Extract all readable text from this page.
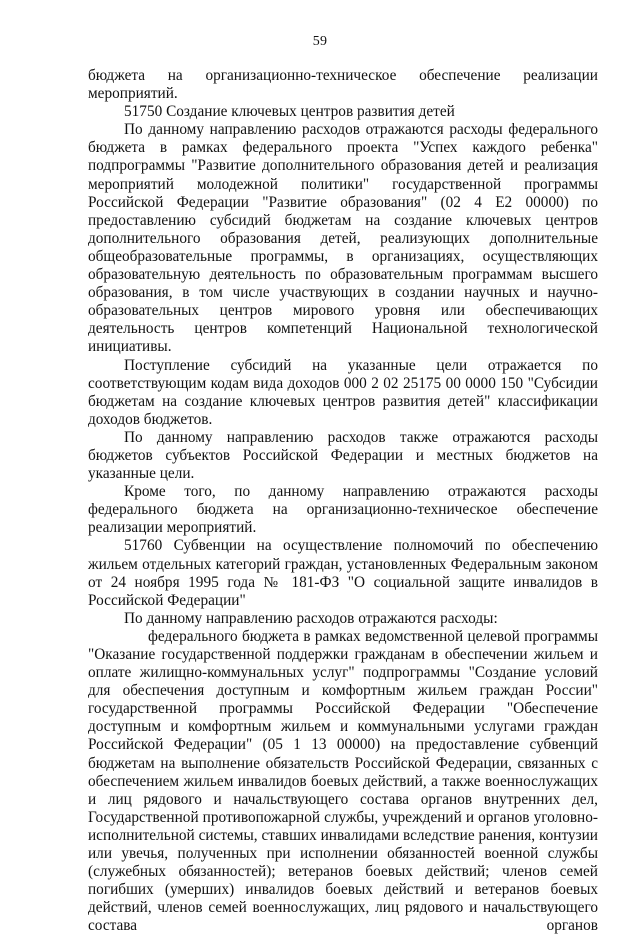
59

бюджета на организационно-техническое обеспечение реализации мероприятий.

51750 Создание ключевых центров развития детей

По данному направлению расходов отражаются расходы федерального бюджета в рамках федерального проекта "Успех каждого ребенка" подпрограммы "Развитие дополнительного образования детей и реализация мероприятий молодежной политики" государственной программы Российской Федерации "Развитие образования" (02 4 E2 00000) по предоставлению субсидий бюджетам на создание ключевых центров дополнительного образования детей, реализующих дополнительные общеобразовательные программы, в организациях, осуществляющих образовательную деятельность по образовательным программам высшего образования, в том числе участвующих в создании научных и научно-образовательных центров мирового уровня или обеспечивающих деятельность центров компетенций Национальной технологической инициативы.

Поступление субсидий на указанные цели отражается по соответствующим кодам вида доходов 000 2 02 25175 00 0000 150 "Субсидии бюджетам на создание ключевых центров развития детей" классификации доходов бюджетов.

По данному направлению расходов также отражаются расходы бюджетов субъектов Российской Федерации и местных бюджетов на указанные цели.

Кроме того, по данному направлению отражаются расходы федерального бюджета на организационно-техническое обеспечение реализации мероприятий.

51760 Субвенции на осуществление полномочий по обеспечению жильем отдельных категорий граждан, установленных Федеральным законом от 24 ноября 1995 года № 181-ФЗ "О социальной защите инвалидов в Российской Федерации"

По данному направлению расходов отражаются расходы:

федерального бюджета в рамках ведомственной целевой программы "Оказание государственной поддержки гражданам в обеспечении жильем и оплате жилищно-коммунальных услуг" подпрограммы "Создание условий для обеспечения доступным и комфортным жильем граждан России" государственной программы Российской Федерации "Обеспечение доступным и комфортным жильем и коммунальными услугами граждан Российской Федерации" (05 1 13 00000) на предоставление субвенций бюджетам на выполнение обязательств Российской Федерации, связанных с обеспечением жильем инвалидов боевых действий, а также военнослужащих и лиц рядового и начальствующего состава органов внутренних дел, Государственной противопожарной службы, учреждений и органов уголовно-исполнительной системы, ставших инвалидами вследствие ранения, контузии или увечья, полученных при исполнении обязанностей военной службы (служебных обязанностей); ветеранов боевых действий; членов семей погибших (умерших) инвалидов боевых действий и ветеранов боевых действий, членов семей военнослужащих, лиц рядового и начальствующего состава органов
